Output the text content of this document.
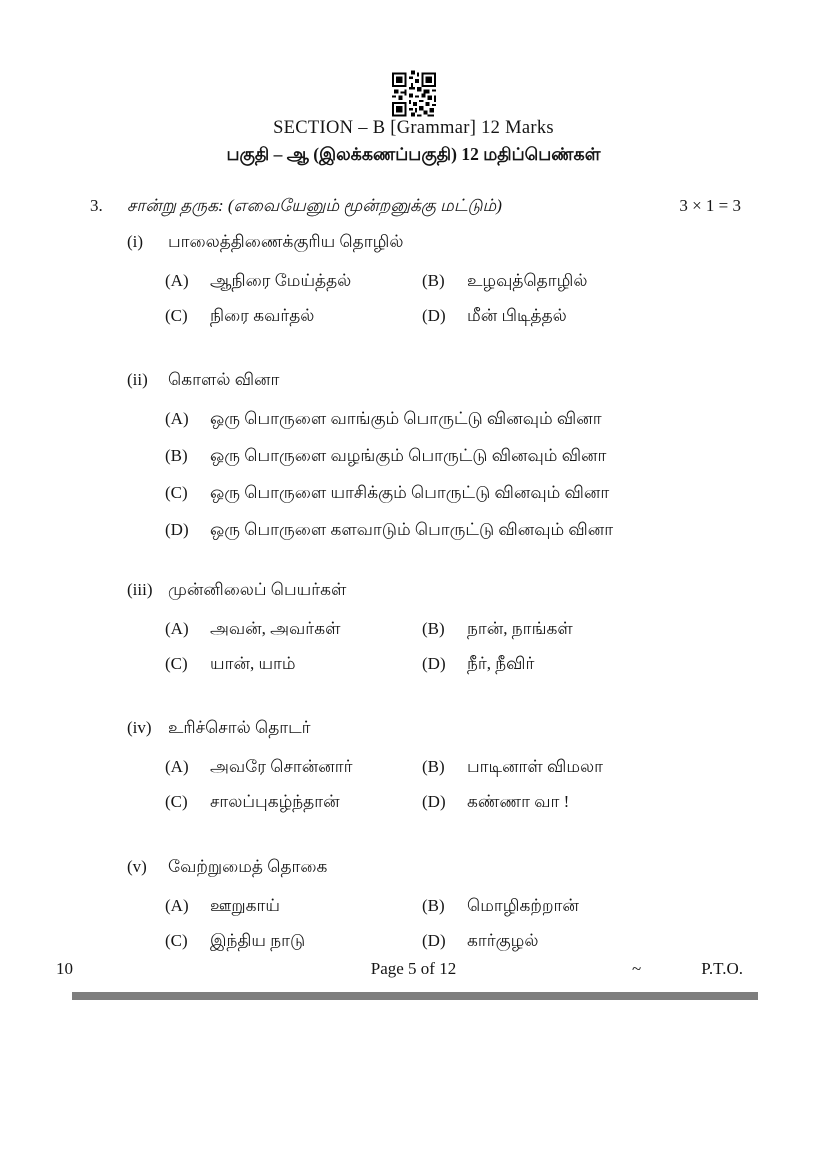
SECTION – B [Grammar] 12 Marks
பகுதி – ஆ (இலக்கணப்பகுதி) 12 மதிப்பெண்கள்
3.	சான்று தருக: (எவையேனும் மூன்றனுக்கு மட்டும்)	3 × 1 = 3
(i)	பாலைத்திணைக்குரிய தொழில்
(A)	ஆநிரை மேய்த்தல்	(B)	உழவுத்தொழில்
(C)	நிரை கவர்தல்	(D)	மீன் பிடித்தல்
(ii)	கொளல் வினா
(A)	ஒரு பொருளை வாங்கும் பொருட்டு வினவும் வினா
(B)	ஒரு பொருளை வழங்கும் பொருட்டு வினவும் வினா
(C)	ஒரு பொருளை யாசிக்கும் பொருட்டு வினவும் வினா
(D)	ஒரு பொருளை களவாடும் பொருட்டு வினவும் வினா
(iii) முன்னிலைப் பெயர்கள்
(A)	அவன், அவர்கள்	(B)	நான், நாங்கள்
(C)	யான், யாம்	(D)	நீர், நீவிர்
(iv) உரிச்சொல் தொடர்
(A)	அவரே சொன்னார்	(B)	பாடினாள் விமலா
(C)	சாலப்புகழ்ந்தான்	(D)	கண்ணா வா !
(v)	வேற்றுமைத் தொகை
(A)	ஊறுகாய்	(B)	மொழிகற்றான்
(C)	இந்திய நாடு	(D)	கார்குழல்
10	Page 5 of 12	~	P.T.O.
